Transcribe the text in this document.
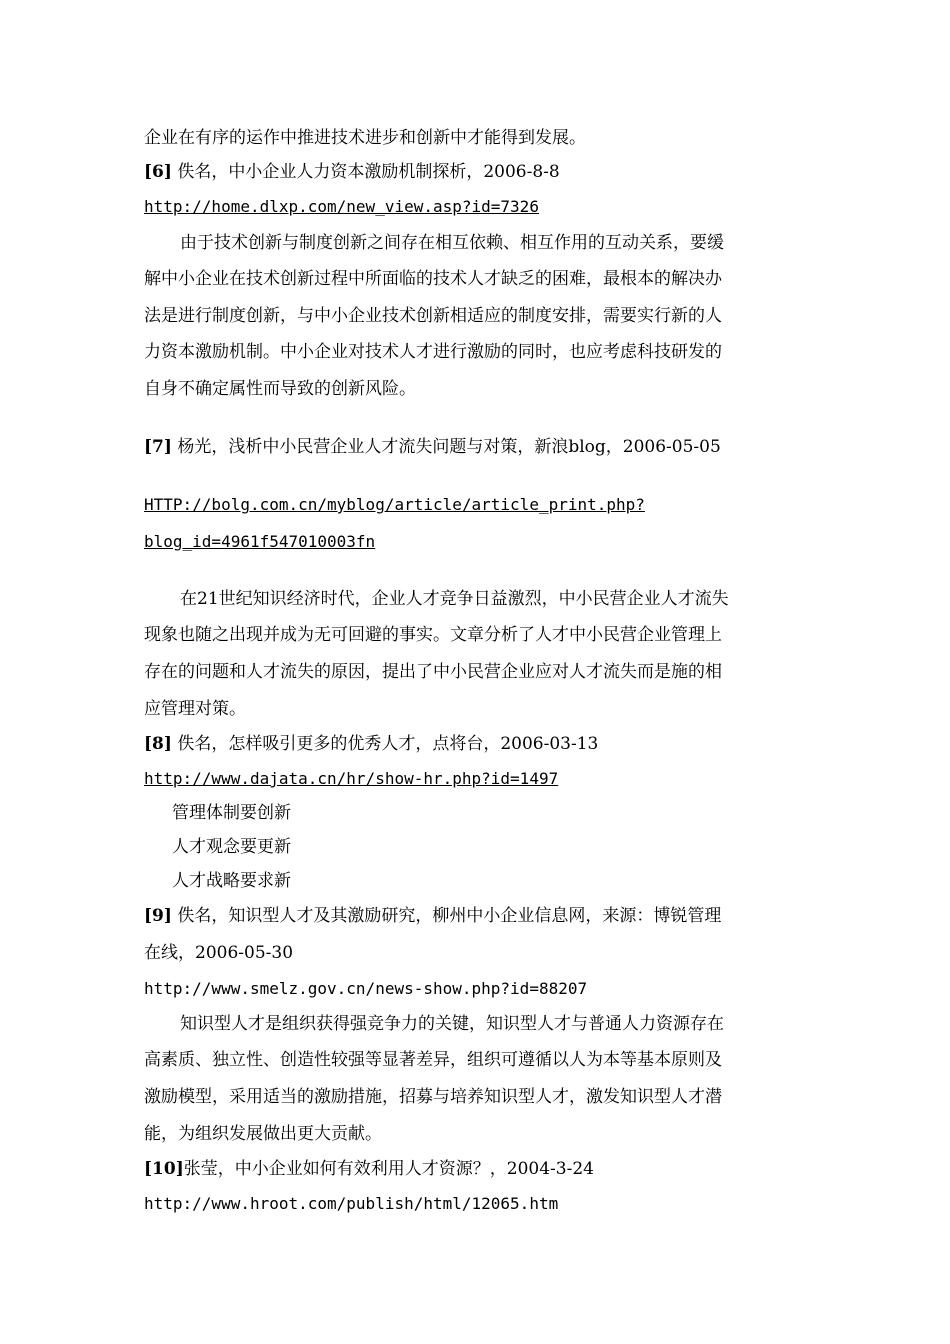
企业在有序的运作中推进技术进步和创新中才能得到发展。
[6] 佚名，中小企业人力资本激励机制探析，2006-8-8
http://home.dlxp.com/new_view.asp?id=7326
由于技术创新与制度创新之间存在相互依赖、相互作用的互动关系，要缓
解中小企业在技术创新过程中所面临的技术人才缺乏的困难，最根本的解决办
法是进行制度创新，与中小企业技术创新相适应的制度安排，需要实行新的人
力资本激励机制。中小企业对技术人才进行激励的同时，也应考虑科技研发的
自身不确定属性而导致的创新风险。
[7] 杨光，浅析中小民营企业人才流失问题与对策，新浪blog，2006-05-05
HTTP://bolg.com.cn/myblog/article/article_print.php?
blog_id=4961f547010003fn
在21世纪知识经济时代，企业人才竞争日益激烈，中小民营企业人才流失
现象也随之出现并成为无可回避的事实。文章分析了人才中小民营企业管理上
存在的问题和人才流失的原因，提出了中小民营企业应对人才流失而是施的相
应管理对策。
[8] 佚名，怎样吸引更多的优秀人才，点将台，2006-03-13
http://www.dajata.cn/hr/show-hr.php?id=1497
管理体制要创新
人才观念要更新
人才战略要求新
[9] 佚名，知识型人才及其激励研究，柳州中小企业信息网，来源：博锐管理
在线，2006-05-30
http://www.smelz.gov.cn/news-show.php?id=88207
知识型人才是组织获得强竞争力的关键，知识型人才与普通人力资源存在
高素质、独立性、创造性较强等显著差异，组织可遵循以人为本等基本原则及
激励模型，采用适当的激励措施，招募与培养知识型人才，激发知识型人才潜
能，为组织发展做出更大贡献。
[10]张莹，中小企业如何有效利用人才资源？，2004-3-24
http://www.hroot.com/publish/html/12065.htm
